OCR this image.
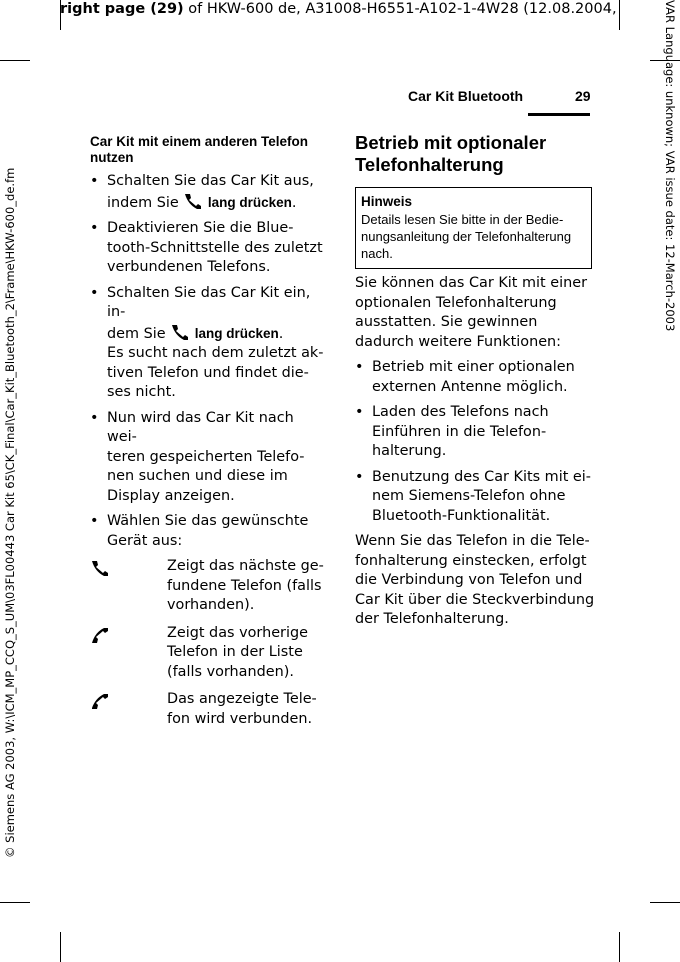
right page (29) of HKW-600 de, A31008-H6551-A102-1-4W28 (12.08.2004,	VAR Language: unknown; VAR issue date: 12-March-2003
© Siemens AG 2003, W:\ICM_MP_CCQ_S_UM\03FL00443 Car Kit 65\CK_Final\Car_Kit_Bluetooth_2\Frame\HKW-600_de.fm
Car Kit Bluetooth	29
Car Kit mit einem anderen Telefon
nutzen
• Schalten Sie das Car Kit aus,
indem Sie lang drücken.
• Deaktivieren Sie die Blue-
tooth-Schnittstelle des zuletzt
verbundenen Telefons.
• Schalten Sie das Car Kit ein, in-
dem Sie lang drücken.
Es sucht nach dem zuletzt ak-
tiven Telefon und findet die-
ses nicht.
• Nun wird das Car Kit nach wei-
teren gespeicherten Telefo-
nen suchen und diese im
Display anzeigen.
• Wählen Sie das gewünschte
Gerät aus:
Zeigt das nächste ge-
fundene Telefon (falls
vorhanden).
Zeigt das vorherige
Telefon in der Liste
(falls vorhanden).
Das angezeigte Tele-
fon wird verbunden.
Betrieb mit optionaler
Telefonhalterung
Hinweis
Details lesen Sie bitte in der Bedie-
nungsanleitung der Telefonhalterung
nach.
Sie können das Car Kit mit einer
optionalen Telefonhalterung
ausstatten. Sie gewinnen
dadurch weitere Funktionen:
• Betrieb mit einer optionalen
externen Antenne möglich.
• Laden des Telefons nach
Einführen in die Telefon-
halterung.
• Benutzung des Car Kits mit ei-
nem Siemens-Telefon ohne
Bluetooth-Funktionalität.
Wenn Sie das Telefon in die Tele-
fonhalterung einstecken, erfolgt
die Verbindung von Telefon und
Car Kit über die Steckverbindung
der Telefonhalterung.
